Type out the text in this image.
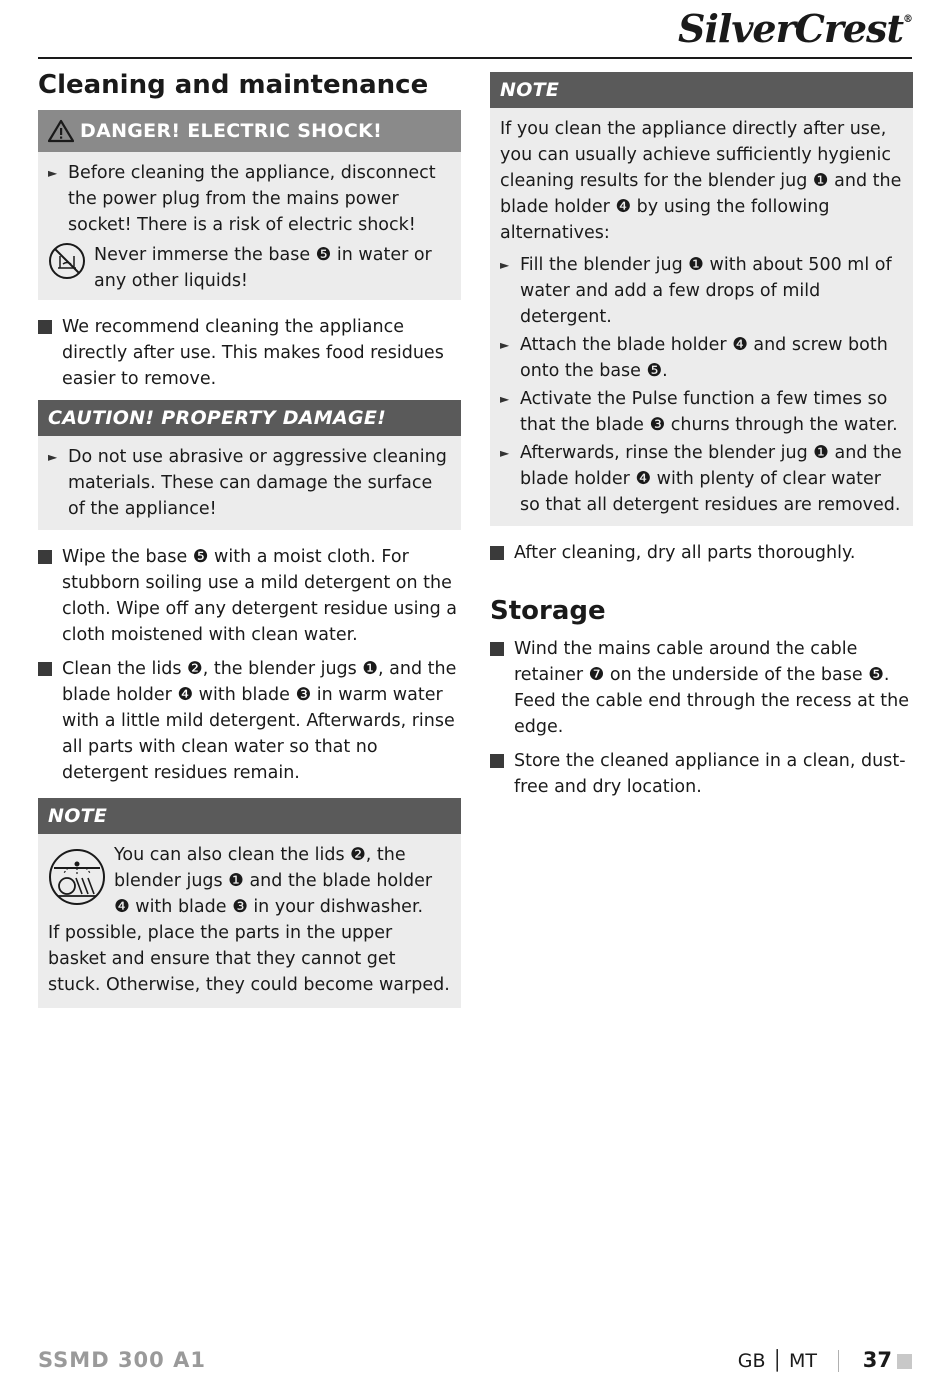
SilverCrest®
Cleaning and maintenance
DANGER! ELECTRIC SHOCK!
► Before cleaning the appliance, disconnect the power plug from the mains power socket! There is a risk of electric shock!
Never immerse the base ❺ in water or any other liquids!
We recommend cleaning the appliance directly after use. This makes food residues easier to remove.
CAUTION! PROPERTY DAMAGE!
► Do not use abrasive or aggressive cleaning materials. These can damage the surface of the appliance!
Wipe the base ❺ with a moist cloth. For stubborn soiling use a mild detergent on the cloth. Wipe off any detergent residue using a cloth moistened with clean water.
Clean the lids ❷, the blender jugs ❶, and the blade holder ❹ with blade ❸ in warm water with a little mild detergent. Afterwards, rinse all parts with clean water so that no detergent residues remain.
NOTE
You can also clean the lids ❷, the blender jugs ❶ and the blade holder ❹ with blade ❸ in your dishwasher.
If possible, place the parts in the upper basket and ensure that they cannot get stuck. Otherwise, they could become warped.
NOTE
If you clean the appliance directly after use, you can usually achieve sufficiently hygienic cleaning results for the blender jug ❶ and the blade holder ❹ by using the following alternatives:
► Fill the blender jug ❶ with about 500 ml of water and add a few drops of mild detergent.
► Attach the blade holder ❹ and screw both onto the base ❺.
► Activate the Pulse function a few times so that the blade ❸ churns through the water.
► Afterwards, rinse the blender jug ❶ and the blade holder ❹ with plenty of clear water so that all detergent residues are removed.
After cleaning, dry all parts thoroughly.
Storage
Wind the mains cable around the cable retainer ❼ on the underside of the base ❺. Feed the cable end through the recess at the edge.
Store the cleaned appliance in a clean, dust-free and dry location.
SSMD 300 A1	GB │ MT 37
